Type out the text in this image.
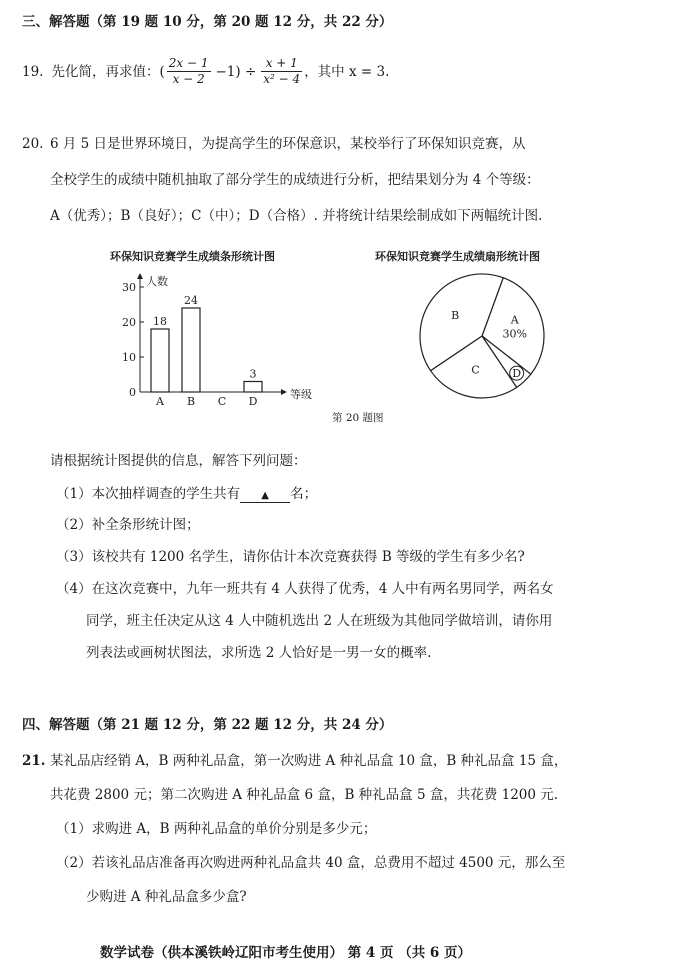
三、解答题（第 19 题 10 分，第 20 题 12 分，共 22 分）
19. 先化简，再求值： ( $\frac{2x - 1}{x - 2} -1) \div \frac{x + 1}{\text{x² − 4}}$ ，其中 x = 3.
20. 6 月 5 日是世界环境日，为提高学生的环保意识，某校举行了环保知识竞赛，从
全校学生的成绩中随机抽取了部分学生的成绩进行分析，把结果划分为 4 个等级：
A（优秀）；B（良好）；C（中）；D（合格）. 并将统计结果绘制成如下两幅统计图.
环保知识竞赛学生成绩条形统计图
0
10
20
30 人数
等级
18
A
24
B C
3
D
环保知识竞赛学生成绩扇形统计图
A
30%
B
C	D
第 20 题图
请根据统计图提供的信息，解答下列问题：
（1）本次抽样调查的学生共有 ▲ 名；
（2）补全条形统计图；
（3）该校共有 1200 名学生，请你估计本次竞赛获得 B 等级的学生有多少名?
（4）在这次竞赛中，九年一班共有 4 人获得了优秀，4 人中有两名男同学，两名女
同学，班主任决定从这 4 人中随机选出 2 人在班级为其他同学做培训，请你用
列表法或画树状图法，求所选 2 人恰好是一男一女的概率.
四、解答题（第 21 题 12 分，第 22 题 12 分，共 24 分）
21. 某礼品店经销 A，B 两种礼品盒，第一次购进 A 种礼品盒 10 盒，B 种礼品盒 15 盒，
共花费 2800 元；第二次购进 A 种礼品盒 6 盒，B 种礼品盒 5 盒，共花费 1200 元.
（1）求购进 A，B 两种礼品盒的单价分别是多少元；
（2）若该礼品店准备再次购进两种礼品盒共 40 盒，总费用不超过 4500 元，那么至
少购进 A 种礼品盒多少盒?
数学试卷（供本溪铁岭辽阳市考生使用） 第 4 页 （共 6 页）
